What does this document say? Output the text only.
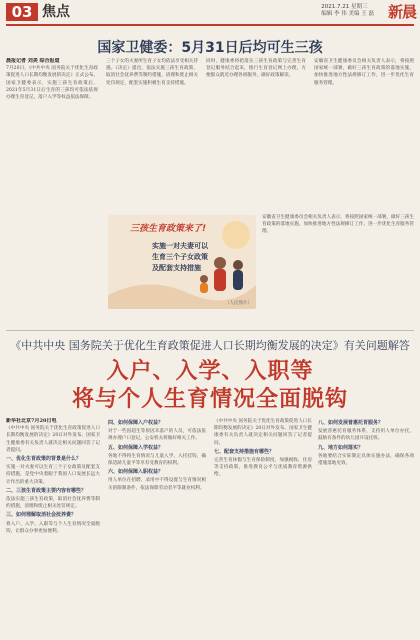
03 焦点	2021.7.21 星期三
编辑 李 伟 美编 王 磊 新晨
国家卫健委：5月31日后均可生三孩
晨报记者 刘美 综合报道
7月20日，《中共中央 国务院关于优化生育政策促进人口长期均衡发展的决定》正式公布。国家卫健委表示，实施三孩生育政策后，2021年5月31日后生育的三孩均可依法依规办理生育登记，落户入学等权益依法保障。
三个子女的夫妻所生育子女均依法享受相关待遇。《决定》提出，依法实施三孩生育政策，取消社会抚养费等制约措施，清理和废止相关处罚规定，配套实施积极生育支持措施。
同时，健康委将把落实三孩生育政策与完善生育登记服务结合起来，推行生育登记网上办理，方便群众就近办理各项服务，做好政策解读。
安徽省卫生健康委员会相关负责人表示，将按照国家统一部署，做好三孩生育政策的落地实施，加快推进地方性法规修订工作，进一步优化生育服务管理。
三孩生育政策来了!
实施一对夫妻可以
生育三个子女政策
及配套支持措施
（人民图片）
安徽省卫生健康委员会相关负责人表示，将按照国家统一部署，做好三孩生育政策的落地实施，加快推进地方性法规修订工作，进一步优化生育服务管理。
《中共中央 国务院关于优化生育政策促进人口长期均衡发展的决定》有关问题解答
入户、入学、入职等
将与个人生育情况全面脱钩
新华社北京7月20日电
《中共中央 国务院关于优化生育政策促进人口长期均衡发展的决定》20日对外发布。国家卫生健康委有关负责人就决定相关问题回答了记者提问。
一、优化生育政策的背景是什么？
实施一对夫妻可以生育三个子女政策及配套支持措施，是党中央着眼于我国人口发展长远大计作出的重大决策。
二、三孩生育政策主要内容有哪些？
依法实施三孩生育政策，取消社会抚养费等制约措施，清理和废止相关处罚规定。
三、如何理解取消社会抚养费？
将入户、入学、入职等与个人生育情况全面脱钩，让群众办事更加便利。
四、如何保障入户权益？
对于一些因超生等原因未落户的人员，可依法依规办理户口登记，公安机关将做好相关工作。
五、如何保障入学权益？
各地不得将生育情况与儿童入学、入托挂钩，确保适龄儿童平等享有受教育的权利。
六、如何保障入职权益？
用人单位在招聘、录用中不得设置与生育情况相关的限制条件，依法保障劳动者平等就业权利。
《中共中央 国务院关于优化生育政策促进人口长期均衡发展的决定》20日对外发布。国家卫生健康委有关负责人就决定相关问题回答了记者提问。
七、配套支持措施有哪些？
完善生育休假与生育保险制度，加强税收、住房等支持政策，推进教育公平与优质教育资源供给。
八、如何发展普惠托育服务？
发展普惠托育服务体系，支持用人单位办托，鼓励有条件的幼儿园开设托班。
九、地方如何落实？
各地要结合实际制定具体实施办法，确保各项措施落地见效。
